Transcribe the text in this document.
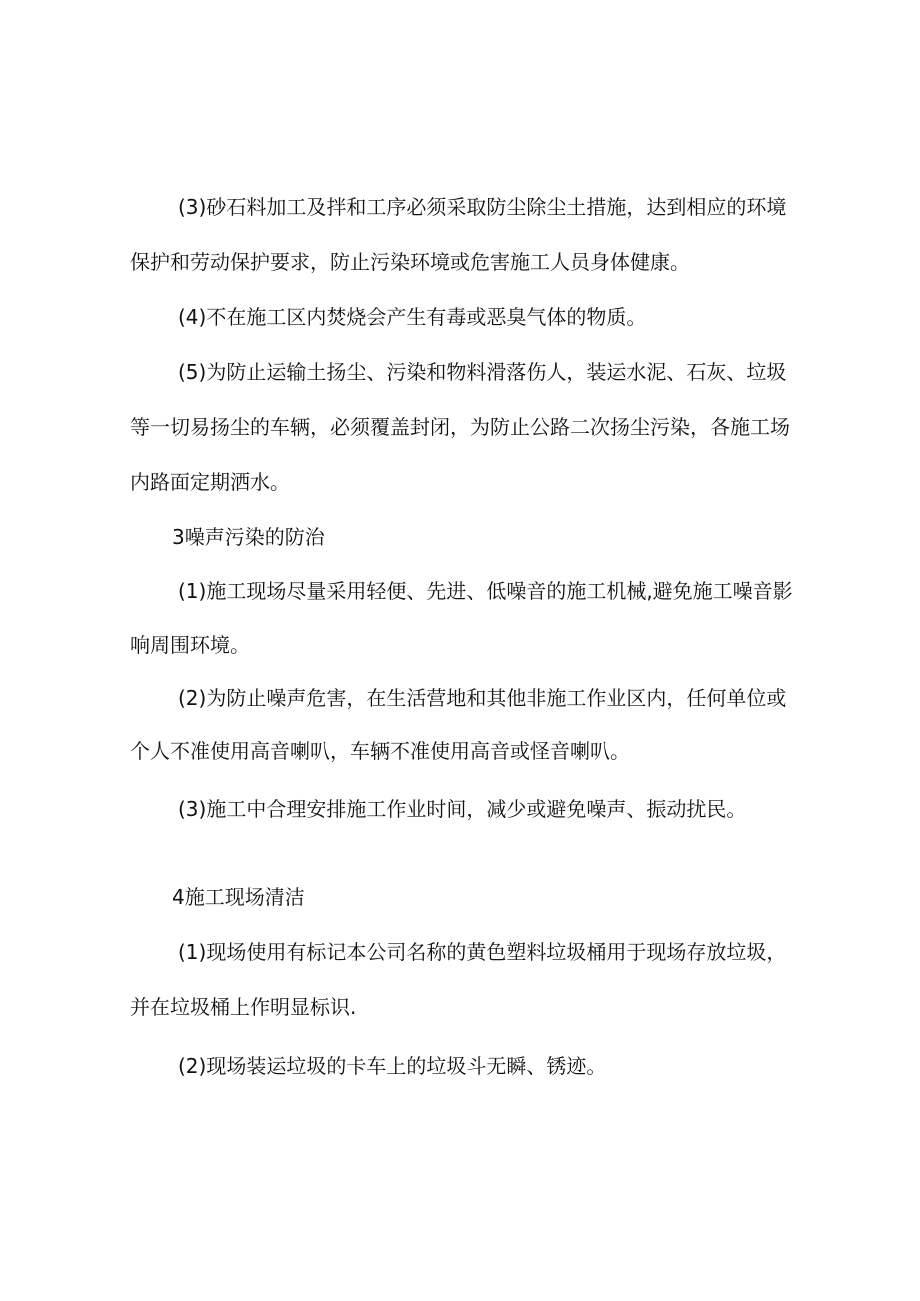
(3)砂石料加工及拌和工序必须采取防尘除尘土措施，达到相应的环境
保护和劳动保护要求，防止污染环境或危害施工人员身体健康。
(4)不在施工区内焚烧会产生有毒或恶臭气体的物质。
(5)为防止运输土扬尘、污染和物料滑落伤人，装运水泥、石灰、垃圾
等一切易扬尘的车辆，必须覆盖封闭，为防止公路二次扬尘污染，各施工场
内路面定期洒水。
3噪声污染的防治
(1)施工现场尽量采用轻便、先进、低噪音的施工机械,避免施工噪音影
响周围环境。
(2)为防止噪声危害，在生活营地和其他非施工作业区内，任何单位或
个人不准使用高音喇叭，车辆不准使用高音或怪音喇叭。
(3)施工中合理安排施工作业时间，减少或避免噪声、振动扰民。
4施工现场清洁
(1)现场使用有标记本公司名称的黄色塑料垃圾桶用于现场存放垃圾，
并在垃圾桶上作明显标识.
(2)现场装运垃圾的卡车上的垃圾斗无瞬、锈迹。
